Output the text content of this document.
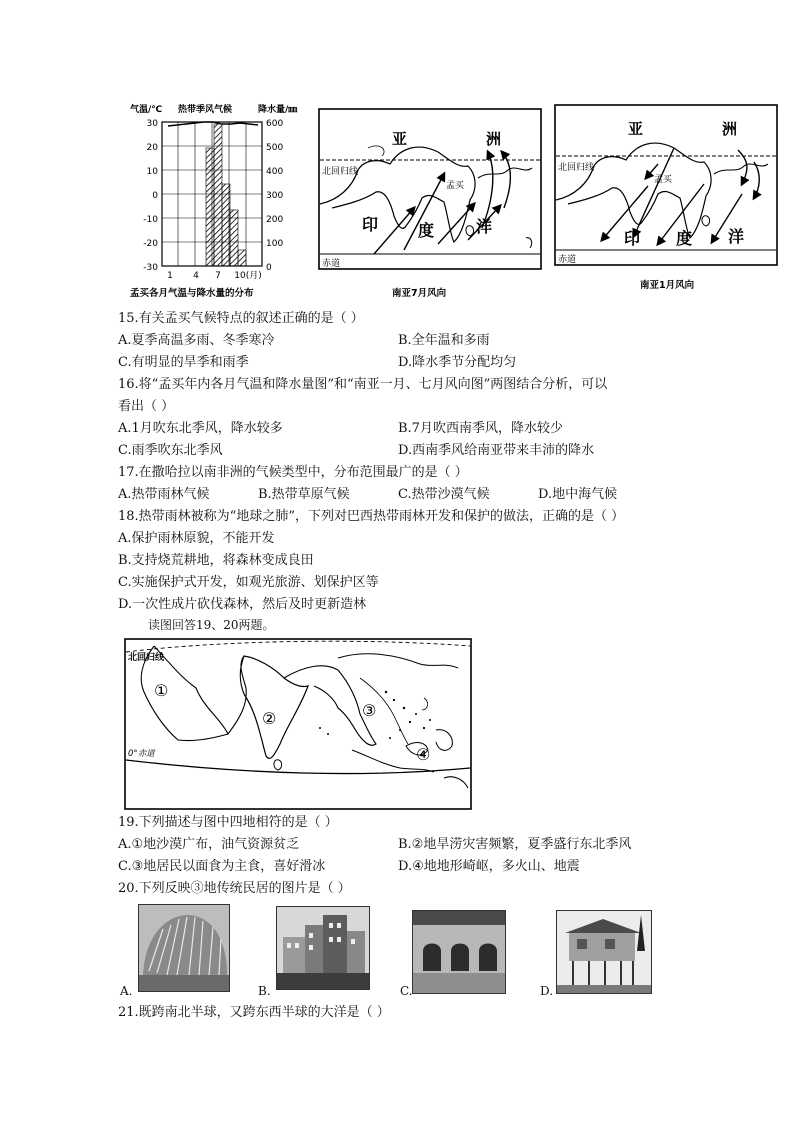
气温/℃ 热带季风气候	降水量/㎜
30
20
10
0
-10
-20
-30
600
500
400
300
200
100
0
1 4 7 10(月)
孟买各月气温与降水量的分布
亚	洲
北回归线
孟买
印 度	洋
赤道
南亚7月风向
亚	洲
北回归线
孟买
印 度 洋
赤道
南亚1月风向
15.有关孟买气候特点的叙述正确的是（ ）
A.夏季高温多雨、冬季寒冷	B.全年温和多雨
C.有明显的旱季和雨季	D.降水季节分配均匀
16.将“孟买年内各月气温和降水量图”和“南亚一月、七月风向图”两图结合分析，可以
看出（ ）
A.1月吹东北季风，降水较多	B.7月吹西南季风，降水较少
C.雨季吹东北季风	D.西南季风给南亚带来丰沛的降水
17.在撒哈拉以南非洲的气候类型中，分布范围最广的是（ ）
A.热带雨林气候	B.热带草原气候	C.热带沙漠气候	D.地中海气候
18.热带雨林被称为“地球之肺”，下列对巴西热带雨林开发和保护的做法，正确的是（ ）
A.保护雨林原貌，不能开发
B.支持烧荒耕地，将森林变成良田
C.实施保护式开发，如观光旅游、划保护区等
D.一次性成片砍伐森林，然后及时更新造林
读图回答19、20两题。
北回归线
0°赤道
①
②	③
④
19.下列描述与图中四地相符的是（ ）
A.①地沙漠广布，油气资源贫乏	B.②地旱涝灾害频繁，夏季盛行东北季风
C.③地居民以面食为主食，喜好滑冰	D.④地地形崎岖，多火山、地震
20.下列反映③地传统民居的图片是（ ）
A.	B.	C.	D.
21.既跨南北半球，又跨东西半球的大洋是（ ）
